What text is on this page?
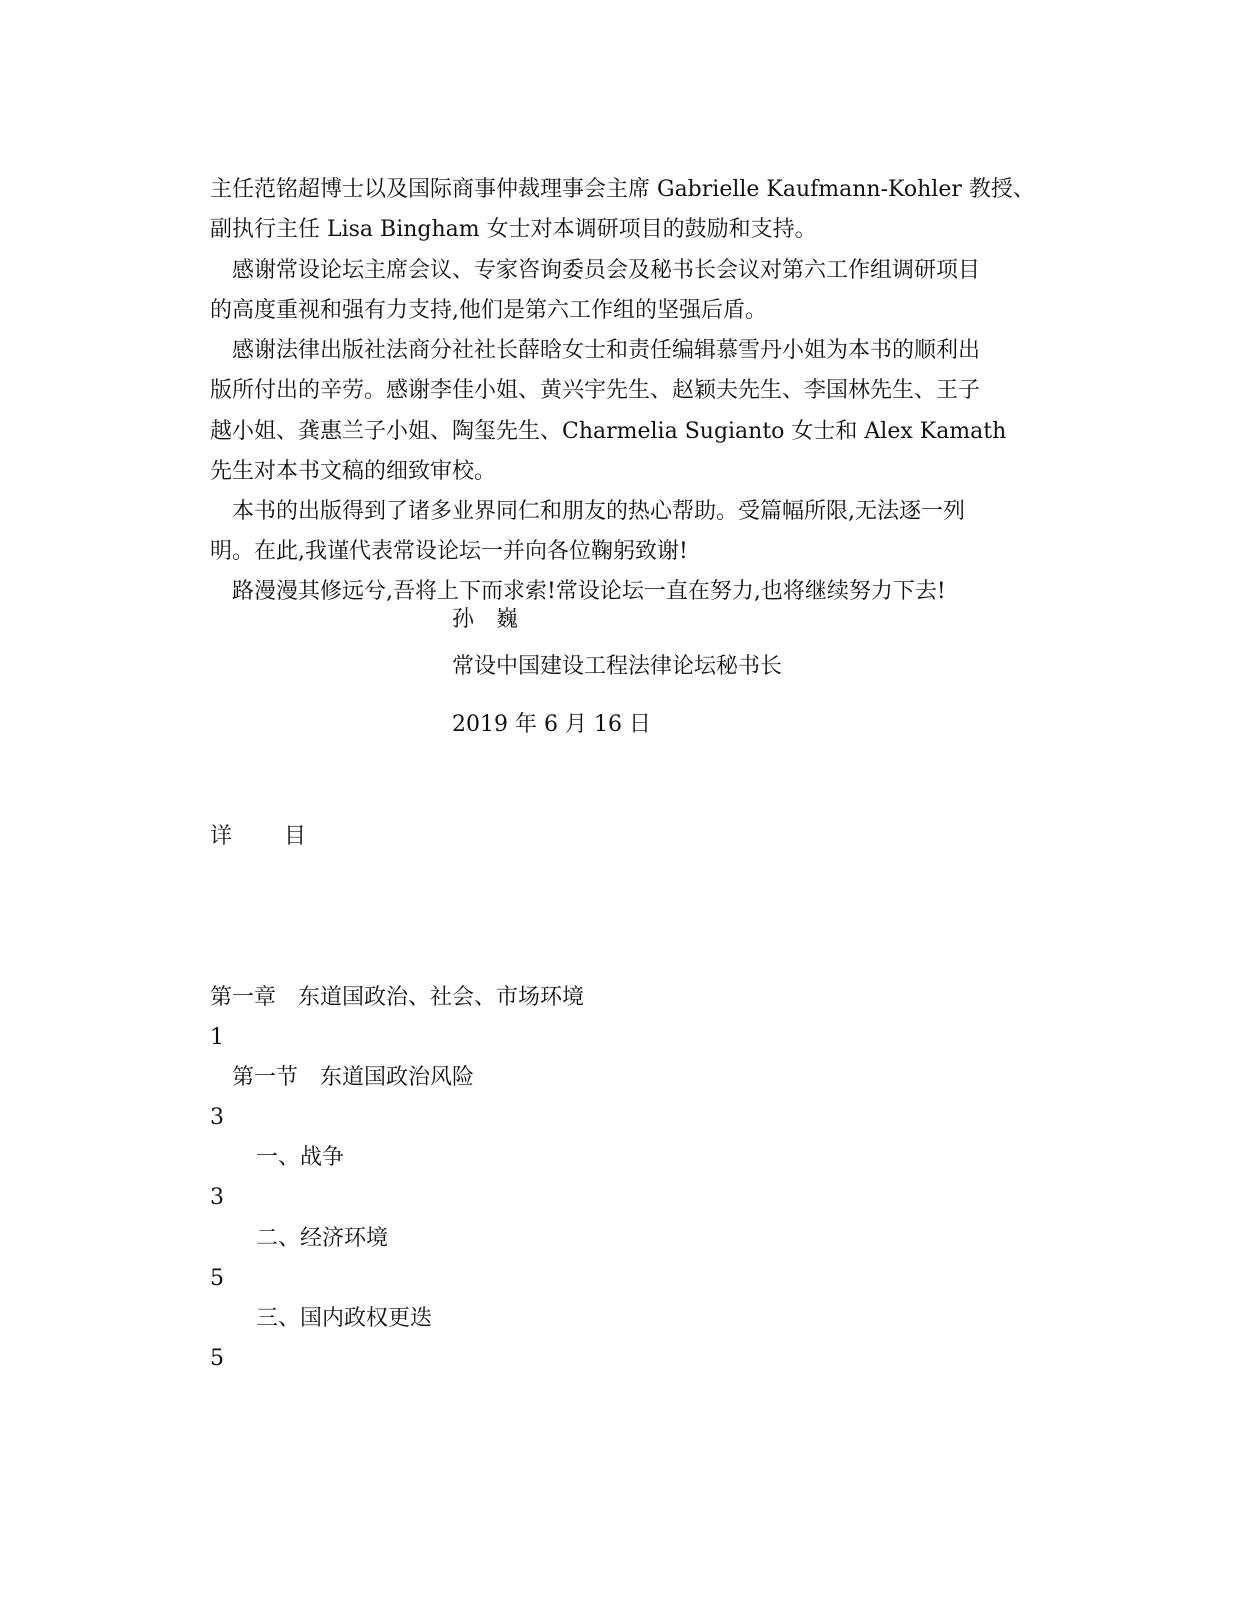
主任范铭超博士以及国际商事仲裁理事会主席 Gabrielle Kaufmann-Kohler 教授、
副执行主任 Lisa Bingham 女士对本调研项目的鼓励和支持。
感谢常设论坛主席会议、专家咨询委员会及秘书长会议对第六工作组调研项目
的高度重视和强有力支持,他们是第六工作组的坚强后盾。
感谢法律出版社法商分社社长薛晗女士和责任编辑慕雪丹小姐为本书的顺利出
版所付出的辛劳。感谢李佳小姐、黄兴宇先生、赵颖夫先生、李国林先生、王子
越小姐、龚惠兰子小姐、陶玺先生、Charmelia Sugianto 女士和 Alex Kamath
先生对本书文稿的细致审校。
本书的出版得到了诸多业界同仁和朋友的热心帮助。受篇幅所限,无法逐一列
明。在此,我谨代表常设论坛一并向各位鞠躬致谢!
路漫漫其修远兮,吾将上下而求索!常设论坛一直在努力,也将继续努力下去!
孙　巍
常设中国建设工程法律论坛秘书长
2019 年 6 月 16 日
详 目
第一章　东道国政治、社会、市场环境
1
第一节　东道国政治风险
3
一、战争
3
二、经济环境
5
三、国内政权更迭
5
